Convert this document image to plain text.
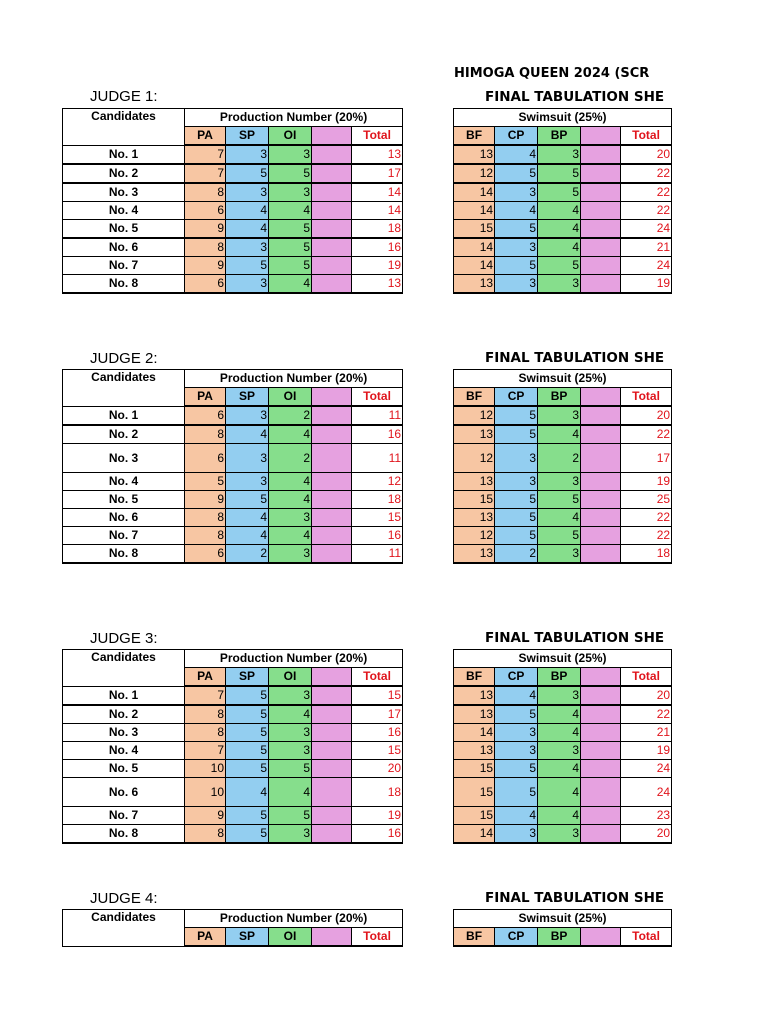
HIMOGA QUEEN 2024 (SCR
JUDGE 1:	FINAL TABULATION SHE
Candidates	Production Number (20%)						Swimsuit (25%)					
	PA	SP	OI		Total		BF	CP	BP		Total	
No. 1	7	3	3		13		13	4	3		20	
No. 2	7	5	5		17		12	5	5		22	
No. 3	8	3	3		14		14	3	5		22	
No. 4	6	4	4		14		14	4	4		22	
No. 5	9	4	5		18		15	5	4		24	
No. 6	8	3	5		16		14	3	4		21	
No. 7	9	5	5		19		14	5	5		24	
No. 8	6	3	4		13		13	3	3		19	
JUDGE 2:	FINAL TABULATION SHE
Candidates	Production Number (20%)						Swimsuit (25%)					
	PA	SP	OI		Total		BF	CP	BP		Total	
No. 1	6	3	2		11		12	5	3		20	
No. 2	8	4	4		16		13	5	4		22	
No. 3	6	3	2		11		12	3	2		17	
No. 4	5	3	4		12		13	3	3		19	
No. 5	9	5	4		18		15	5	5		25	
No. 6	8	4	3		15		13	5	4		22	
No. 7	8	4	4		16		12	5	5		22	
No. 8	6	2	3		11		13	2	3		18	
JUDGE 3:	FINAL TABULATION SHE
Candidates	Production Number (20%)						Swimsuit (25%)					
	PA	SP	OI		Total		BF	CP	BP		Total	
No. 1	7	5	3		15		13	4	3		20	
No. 2	8	5	4		17		13	5	4		22	
No. 3	8	5	3		16		14	3	4		21	
No. 4	7	5	3		15		13	3	3		19	
No. 5	10	5	5		20		15	5	4		24	
No. 6	10	4	4		18		15	5	4		24	
No. 7	9	5	5		19		15	4	4		23	
No. 8	8	5	3		16		14	3	3		20	
JUDGE 4:	FINAL TABULATION SHE
Candidates	Production Number (20%)						Swimsuit (25%)					
	PA	SP	OI		Total		BF	CP	BP		Total	
